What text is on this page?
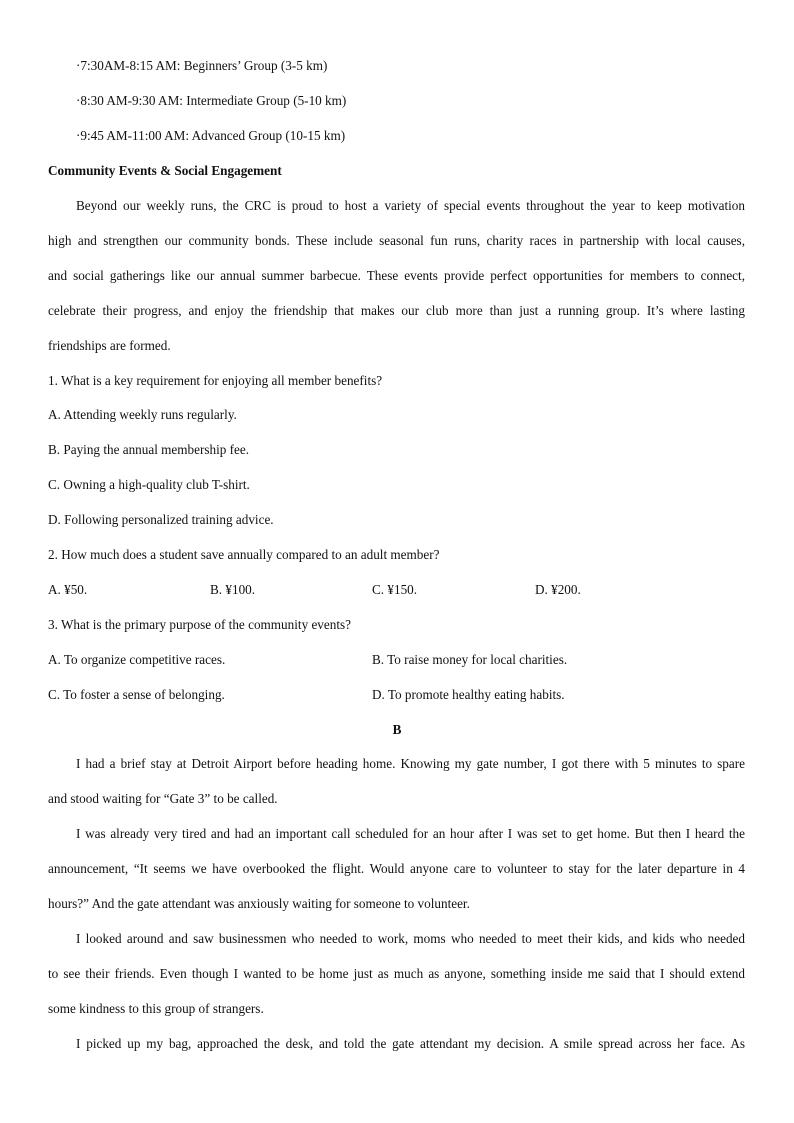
·7:30AM-8:15 AM: Beginners’ Group (3-5 km)
·8:30 AM-9:30 AM: Intermediate Group (5-10 km)
·9:45 AM-11:00 AM: Advanced Group (10-15 km)
Community Events & Social Engagement
Beyond our weekly runs, the CRC is proud to host a variety of special events throughout the year to keep motivation
high and strengthen our community bonds. These include seasonal fun runs, charity races in partnership with local causes,
and social gatherings like our annual summer barbecue. These events provide perfect opportunities for members to connect,
celebrate their progress, and enjoy the friendship that makes our club more than just a running group. It’s where lasting
friendships are formed.
1. What is a key requirement for enjoying all member benefits?
A. Attending weekly runs regularly.
B. Paying the annual membership fee.
C. Owning a high-quality club T-shirt.
D. Following personalized training advice.
2. How much does a student save annually compared to an adult member?
A. ¥50.	B. ¥100.	C. ¥150.	D. ¥200.
3. What is the primary purpose of the community events?
A. To organize competitive races.	B. To raise money for local charities.
C. To foster a sense of belonging.	D. To promote healthy eating habits.
B
I had a brief stay at Detroit Airport before heading home. Knowing my gate number, I got there with 5 minutes to spare
and stood waiting for “Gate 3” to be called.
I was already very tired and had an important call scheduled for an hour after I was set to get home. But then I heard the
announcement, “It seems we have overbooked the flight. Would anyone care to volunteer to stay for the later departure in 4
hours?” And the gate attendant was anxiously waiting for someone to volunteer.
I looked around and saw businessmen who needed to work, moms who needed to meet their kids, and kids who needed
to see their friends. Even though I wanted to be home just as much as anyone, something inside me said that I should extend
some kindness to this group of strangers.
I picked up my bag, approached the desk, and told the gate attendant my decision. A smile spread across her face. As
